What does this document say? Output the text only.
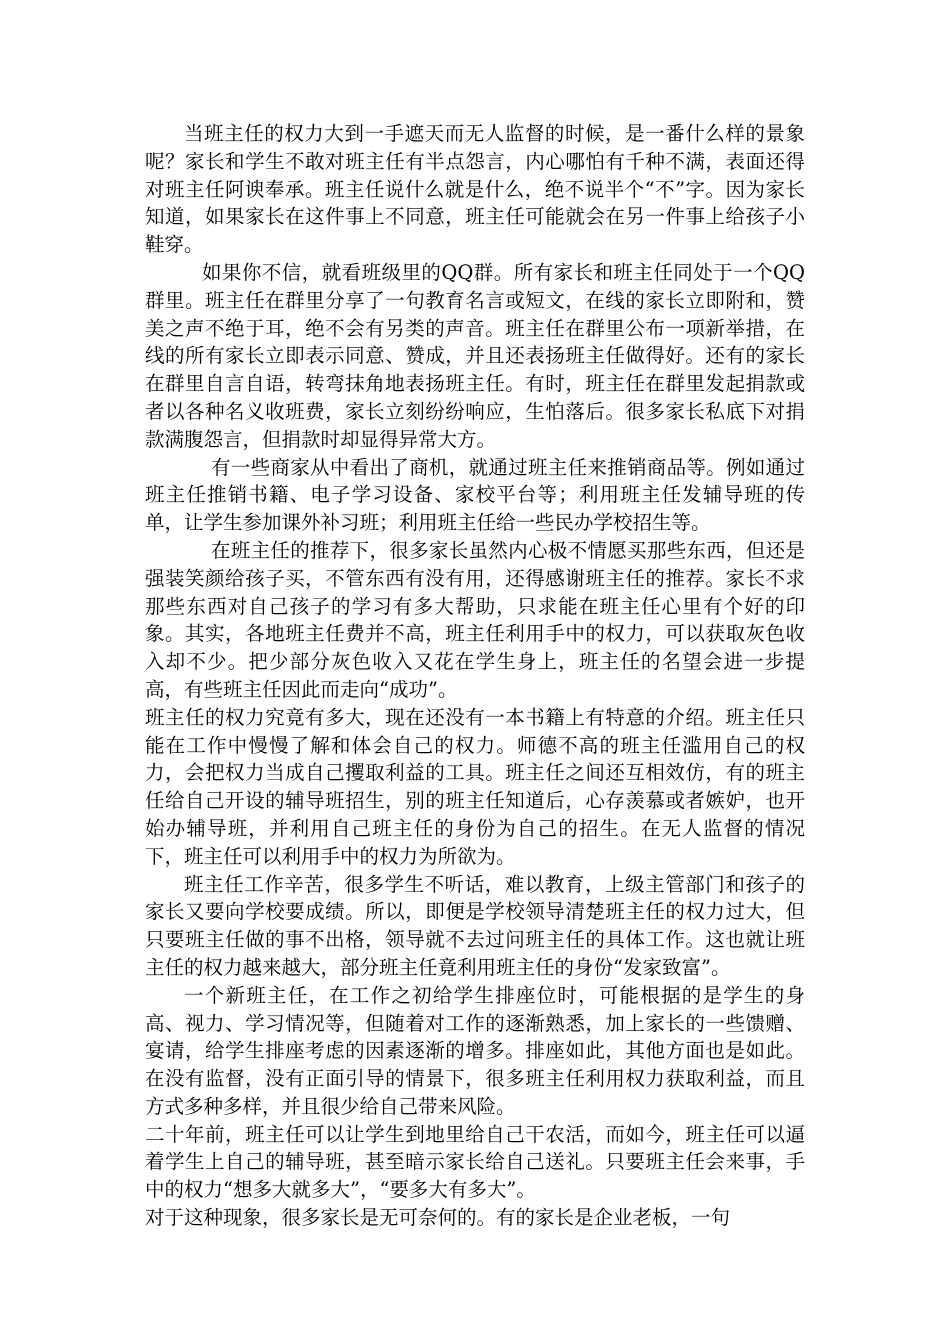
当班主任的权力大到一手遮天而无人监督的时候，是一番什么样的景象呢？家长和学生不敢对班主任有半点怨言，内心哪怕有千种不满，表面还得对班主任阿谀奉承。班主任说什么就是什么，绝不说半个“不”字。因为家长知道，如果家长在这件事上不同意，班主任可能就会在另一件事上给孩子小鞋穿。

如果你不信，就看班级里的QQ群。所有家长和班主任同处于一个QQ群里。班主任在群里分享了一句教育名言或短文，在线的家长立即附和，赞美之声不绝于耳，绝不会有另类的声音。班主任在群里公布一项新举措，在线的所有家长立即表示同意、赞成，并且还表扬班主任做得好。还有的家长在群里自言自语，转弯抹角地表扬班主任。有时，班主任在群里发起捐款或者以各种名义收班费，家长立刻纷纷响应，生怕落后。很多家长私底下对捐款满腹怨言，但捐款时却显得异常大方。

有一些商家从中看出了商机，就通过班主任来推销商品等。例如通过班主任推销书籍、电子学习设备、家校平台等；利用班主任发辅导班的传单，让学生参加课外补习班；利用班主任给一些民办学校招生等。

在班主任的推荐下，很多家长虽然内心极不情愿买那些东西，但还是强装笑颜给孩子买，不管东西有没有用，还得感谢班主任的推荐。家长不求那些东西对自己孩子的学习有多大帮助，只求能在班主任心里有个好的印象。其实，各地班主任费并不高，班主任利用手中的权力，可以获取灰色收入却不少。把少部分灰色收入又花在学生身上，班主任的名望会进一步提高，有些班主任因此而走向“成功”。

班主任的权力究竟有多大，现在还没有一本书籍上有特意的介绍。班主任只能在工作中慢慢了解和体会自己的权力。师德不高的班主任滥用自己的权力，会把权力当成自己攫取利益的工具。班主任之间还互相效仿，有的班主任给自己开设的辅导班招生，别的班主任知道后，心存羡慕或者嫉妒，也开始办辅导班，并利用自己班主任的身份为自己的招生。在无人监督的情况下，班主任可以利用手中的权力为所欲为。

班主任工作辛苦，很多学生不听话，难以教育，上级主管部门和孩子的家长又要向学校要成绩。所以，即便是学校领导清楚班主任的权力过大，但只要班主任做的事不出格，领导就不去过问班主任的具体工作。这也就让班主任的权力越来越大，部分班主任竟利用班主任的身份“发家致富”。

一个新班主任，在工作之初给学生排座位时，可能根据的是学生的身高、视力、学习情况等，但随着对工作的逐渐熟悉，加上家长的一些馈赠、宴请，给学生排座考虑的因素逐渐的增多。排座如此，其他方面也是如此。在没有监督，没有正面引导的情景下，很多班主任利用权力获取利益，而且方式多种多样，并且很少给自己带来风险。

二十年前，班主任可以让学生到地里给自己干农活，而如今，班主任可以逼着学生上自己的辅导班，甚至暗示家长给自己送礼。只要班主任会来事，手中的权力“想多大就多大”，“要多大有多大”。

对于这种现象，很多家长是无可奈何的。有的家长是企业老板，一句
